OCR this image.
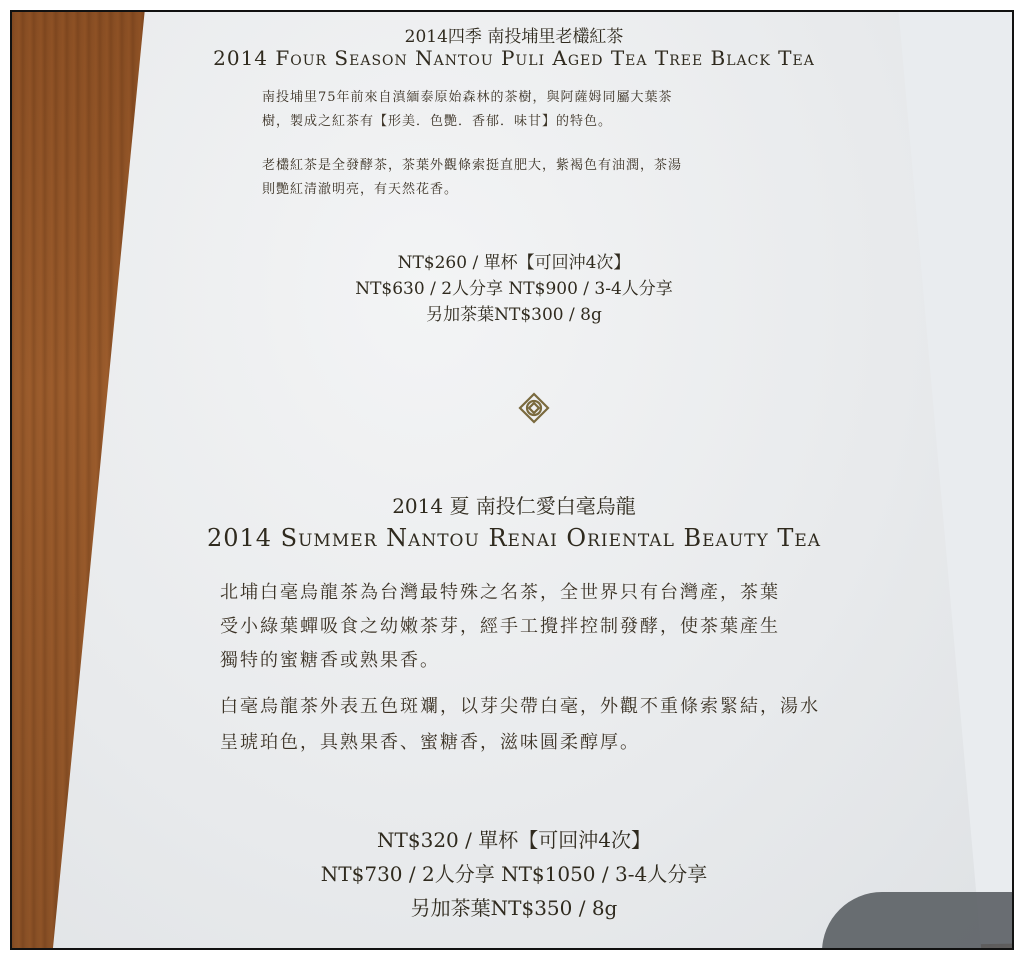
2014四季 南投埔里老欉紅茶
2014 Four Season Nantou Puli Aged Tea Tree Black Tea
南投埔里75年前來自滇緬泰原始森林的茶樹，與阿薩姆同屬大葉茶
樹，製成之紅茶有【形美．色艷．香郁．味甘】的特色。
老欉紅茶是全發酵茶，茶葉外觀條索挺直肥大，紫褐色有油潤，茶湯
則艷紅清澈明亮，有天然花香。
NT$260 / 單杯【可回沖4次】
NT$630 / 2人分享 NT$900 / 3-4人分享
另加茶葉NT$300 / 8g
2014 夏 南投仁愛白毫烏龍
2014 Summer Nantou Renai Oriental Beauty Tea
北埔白毫烏龍茶為台灣最特殊之名茶，全世界只有台灣產，茶葉
受小綠葉蟬吸食之幼嫩茶芽，經手工攪拌控制發酵，使茶葉產生
獨特的蜜糖香或熟果香。
白毫烏龍茶外表五色斑斕，以芽尖帶白毫，外觀不重條索緊結，湯水
呈琥珀色，具熟果香、蜜糖香，滋味圓柔醇厚。
NT$320 / 單杯【可回沖4次】
NT$730 / 2人分享 NT$1050 / 3-4人分享
另加茶葉NT$350 / 8g
